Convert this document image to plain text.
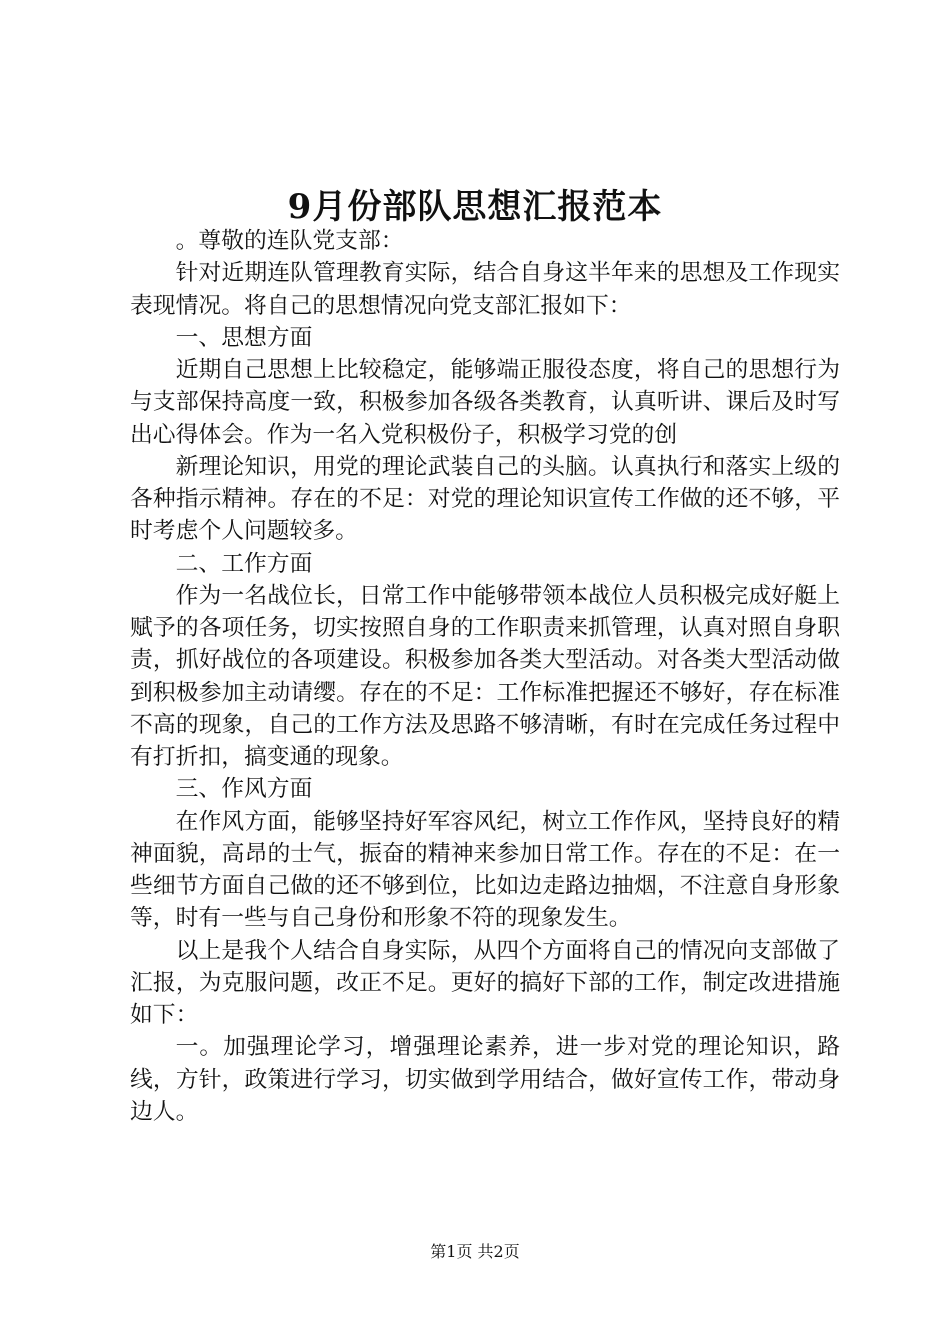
9月份部队思想汇报范本

。尊敬的连队党支部：

针对近期连队管理教育实际，结合自身这半年来的思想及工作现实表现情况。将自己的思想情况向党支部汇报如下：

一、思想方面

近期自己思想上比较稳定，能够端正服役态度，将自己的思想行为与支部保持高度一致，积极参加各级各类教育，认真听讲、课后及时写出心得体会。作为一名入党积极份子，积极学习党的创

新理论知识，用党的理论武装自己的头脑。认真执行和落实上级的各种指示精神。存在的不足：对党的理论知识宣传工作做的还不够，平时考虑个人问题较多。

二、工作方面

作为一名战位长，日常工作中能够带领本战位人员积极完成好艇上赋予的各项任务，切实按照自身的工作职责来抓管理，认真对照自身职责，抓好战位的各项建设。积极参加各类大型活动。对各类大型活动做到积极参加主动请缨。存在的不足：工作标准把握还不够好，存在标准不高的现象，自己的工作方法及思路不够清晰，有时在完成任务过程中有打折扣，搞变通的现象。

三、作风方面

在作风方面，能够坚持好军容风纪，树立工作作风，坚持良好的精神面貌，高昂的士气，振奋的精神来参加日常工作。存在的不足：在一些细节方面自己做的还不够到位，比如边走路边抽烟，不注意自身形象等，时有一些与自己身份和形象不符的现象发生。

以上是我个人结合自身实际，从四个方面将自己的情况向支部做了汇报，为克服问题，改正不足。更好的搞好下部的工作，制定改进措施如下：

一。加强理论学习，增强理论素养，进一步对党的理论知识，路线，方针，政策进行学习，切实做到学用结合，做好宣传工作，带动身边人。

第1页 共2页
